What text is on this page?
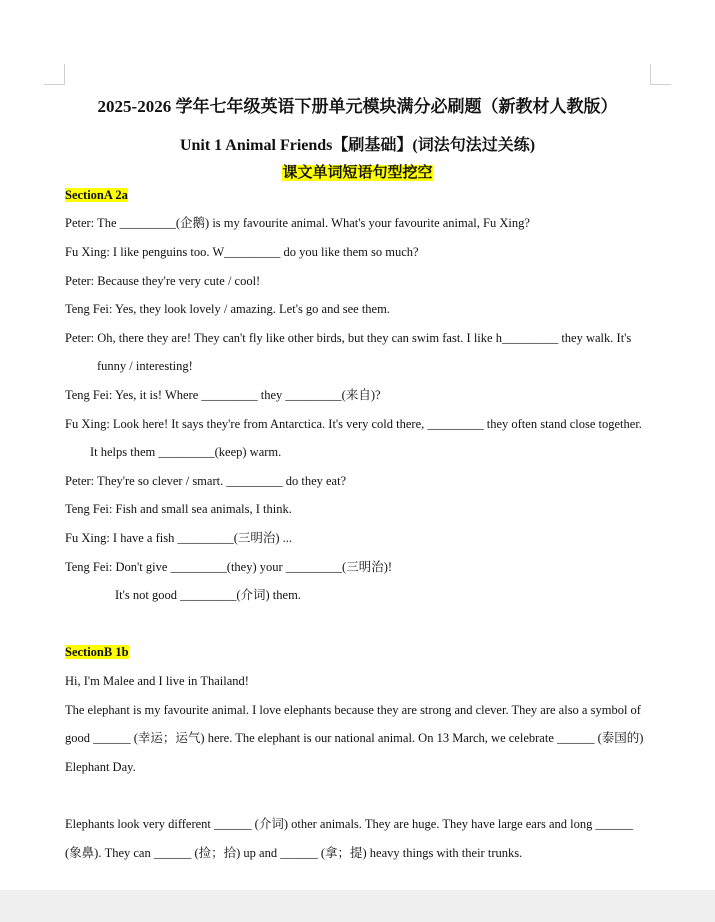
2025-2026 学年七年级英语下册单元模块满分必刷题（新教材人教版）
Unit 1 Animal Friends【刷基础】(词法句法过关练)
课文单词短语句型挖空
SectionA 2a
Peter: The _________(企鹅) is my favourite animal. What's your favourite animal, Fu Xing?
Fu Xing: I like penguins too. W_________ do you like them so much?
Peter: Because they're very cute / cool!
Teng Fei: Yes, they look lovely / amazing. Let's go and see them.
Peter: Oh, there they are! They can't fly like other birds, but they can swim fast. I like h_________ they walk. It's
funny / interesting!
Teng Fei: Yes, it is! Where _________ they _________(来自)?
Fu Xing: Look here! It says they're from Antarctica. It's very cold there, _________ they often stand close together.
It helps them _________(keep) warm.
Peter: They're so clever / smart. _________ do they eat?
Teng Fei: Fish and small sea animals, I think.
Fu Xing: I have a fish _________(三明治) ...
Teng Fei: Don't give _________(they) your _________(三明治)!
It's not good _________(介词) them.
SectionB 1b
Hi, I'm Malee and I live in Thailand!
The elephant is my favourite animal. I love elephants because they are strong and clever. They are also a symbol of
good ______ (幸运；运气) here. The elephant is our national animal. On 13 March, we celebrate ______ (泰国的)
Elephant Day.
Elephants look very different ______ (介词) other animals. They are huge. They have large ears and long ______
(象鼻). They can ______ (捡；拾) up and ______ (拿；提) heavy things with their trunks.
